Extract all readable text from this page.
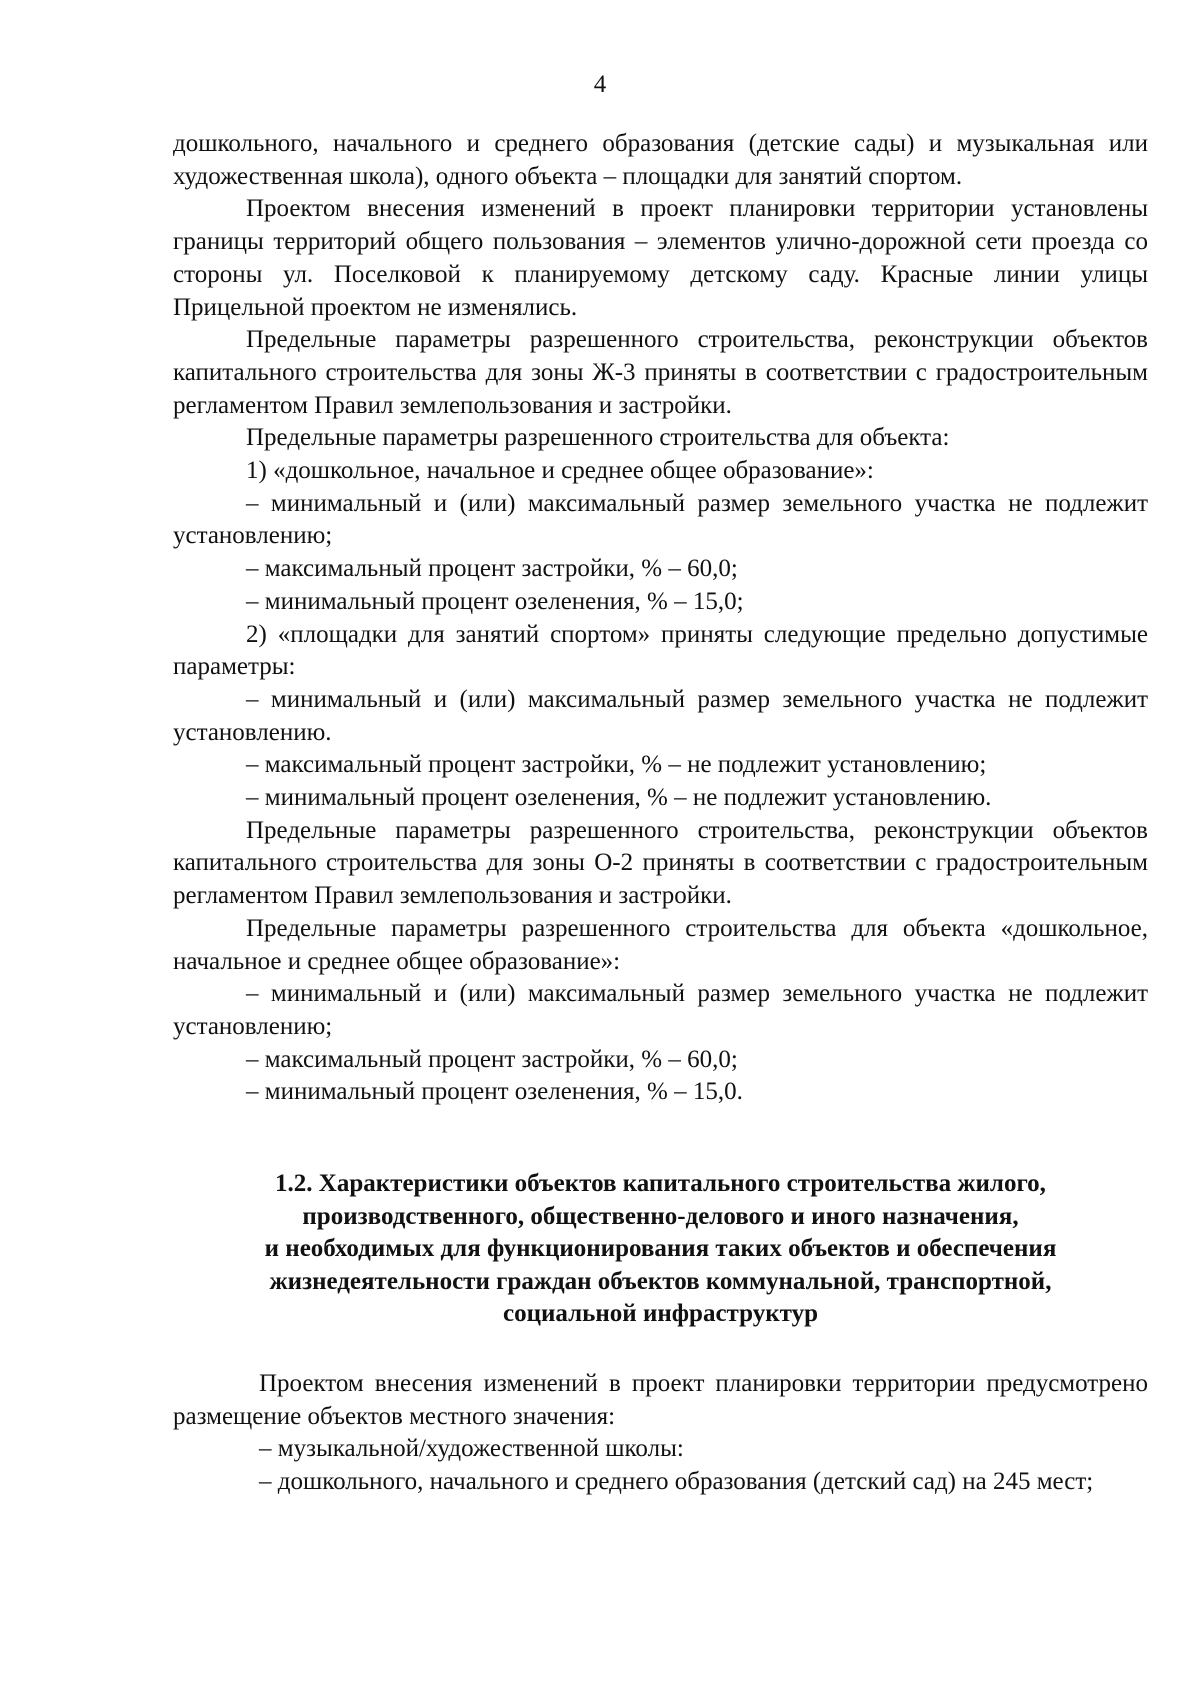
4

дошкольного, начального и среднего образования (детские сады) и музыкальная или художественная школа), одного объекта – площадки для занятий спортом.

Проектом внесения изменений в проект планировки территории установлены границы территорий общего пользования – элементов улично-дорожной сети проезда со стороны ул. Поселковой к планируемому детскому саду. Красные линии улицы Прицельной проектом не изменялись.

Предельные параметры разрешенного строительства, реконструкции объектов капитального строительства для зоны Ж-3 приняты в соответствии с градостроительным регламентом Правил землепользования и застройки.

Предельные параметры разрешенного строительства для объекта:

1) «дошкольное, начальное и среднее общее образование»:

– минимальный и (или) максимальный размер земельного участка не подлежит установлению;

– максимальный процент застройки, % – 60,0;

– минимальный процент озеленения, % – 15,0;

2) «площадки для занятий спортом» приняты следующие предельно допустимые параметры:

– минимальный и (или) максимальный размер земельного участка не подлежит установлению.

– максимальный процент застройки, % – не подлежит установлению;

– минимальный процент озеленения, % – не подлежит установлению.

Предельные параметры разрешенного строительства, реконструкции объектов капитального строительства для зоны О-2 приняты в соответствии с градостроительным регламентом Правил землепользования и застройки.

Предельные параметры разрешенного строительства для объекта «дошкольное, начальное и среднее общее образование»:

– минимальный и (или) максимальный размер земельного участка не подлежит установлению;

– максимальный процент застройки, % – 60,0;

– минимальный процент озеленения, % – 15,0.

1.2. Характеристики объектов капитального строительства жилого,
производственного, общественно-делового и иного назначения,
и необходимых для функционирования таких объектов и обеспечения
жизнедеятельности граждан объектов коммунальной, транспортной,
социальной инфраструктур

Проектом внесения изменений в проект планировки территории предусмотрено размещение объектов местного значения:

– музыкальной/художественной школы:

– дошкольного, начального и среднего образования (детский сад) на 245 мест;
